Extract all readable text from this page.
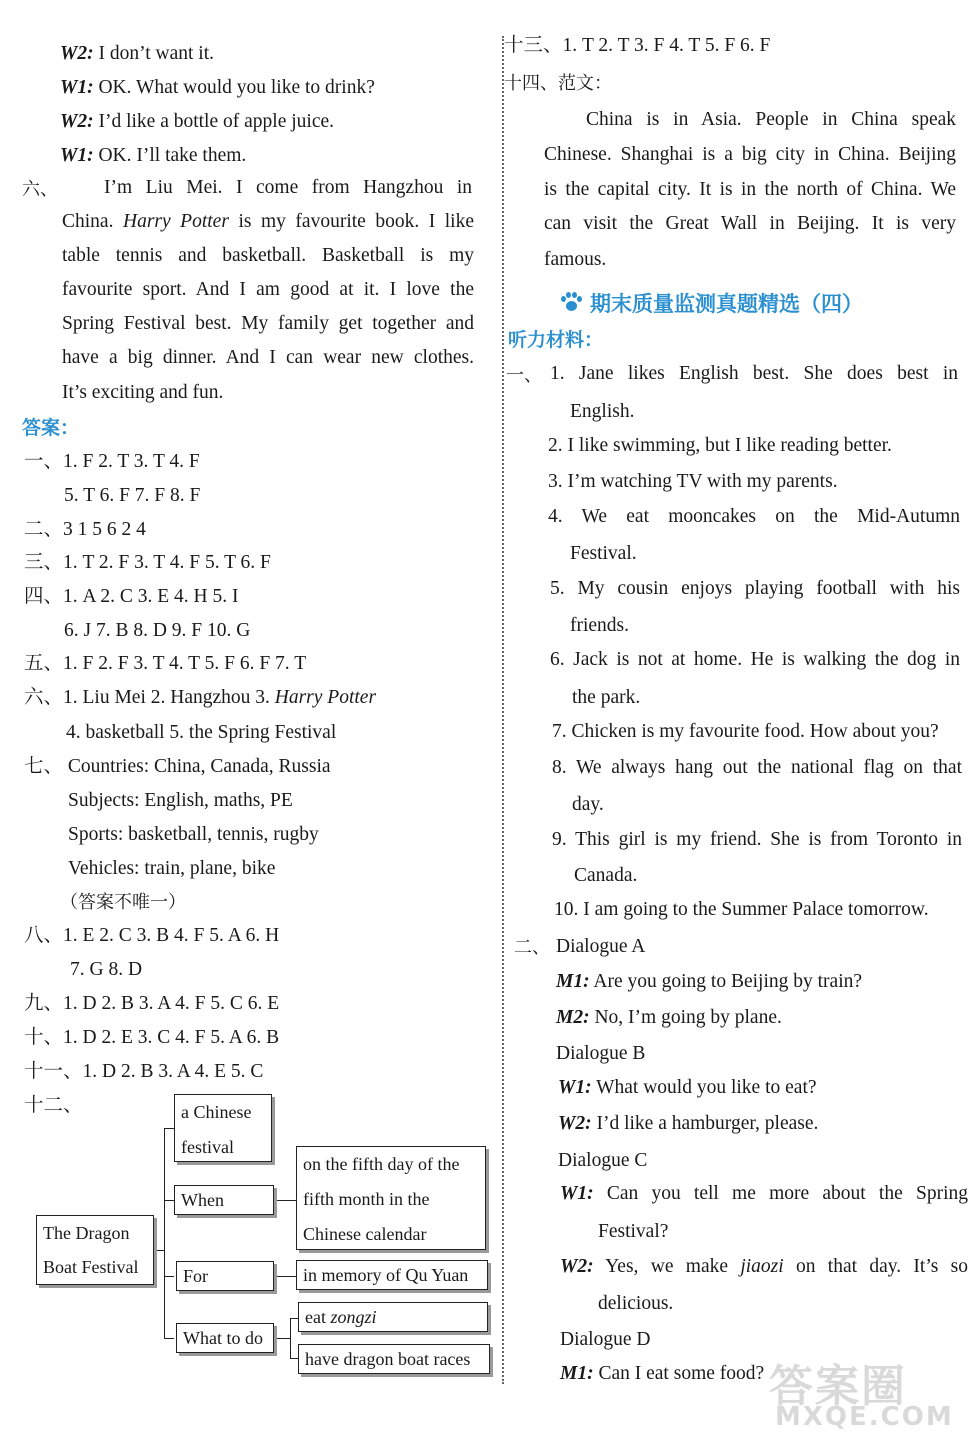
W2: I don’t want it.
W1: OK. What would you like to drink?
W2: I’d like a bottle of apple juice.
W1: OK. I’ll take them.
六、 I’m Liu Mei. I come from Hangzhou in
China. Harry Potter is my favourite book. I like
table tennis and basketball. Basketball is my
favourite sport. And I am good at it. I love the
Spring Festival best. My family get together and
have a big dinner. And I can wear new clothes.
It’s exciting and fun.
答案：
一、1. F 2. T 3. T 4. F
5. T 6. F 7. F 8. F
二、3 1 5 6 2 4
三、1. T 2. F 3. T 4. F 5. T 6. F
四、1. A 2. C 3. E 4. H 5. I
6. J 7. B 8. D 9. F 10. G
五、1. F 2. F 3. T 4. T 5. F 6. F 7. T
六、1. Liu Mei 2. Hangzhou 3. Harry Potter
4. basketball 5. the Spring Festival
七、 Countries: China, Canada, Russia
Subjects: English, maths, PE
Sports: basketball, tennis, rugby
Vehicles: train, plane, bike
（答案不唯一）
八、1. E 2. C 3. B 4. F 5. A 6. H
7. G 8. D
九、1. D 2. B 3. A 4. F 5. C 6. E
十、1. D 2. E 3. C 4. F 5. A 6. B
十一、1. D 2. B 3. A 4. E 5. C
十二、
The Dragon
Boat Festival
a Chinese
festival
When
on the fifth day of the
fifth month in the
Chinese calendar
For	in memory of Qu Yuan
What to do
eat zongzi
have dragon boat races
十三、1. T 2. T 3. F 4. T 5. F 6. F
十四、范文：
China is in Asia. People in China speak
Chinese. Shanghai is a big city in China. Beijing
is the capital city. It is in the north of China. We
can visit the Great Wall in Beijing. It is very
famous.
期末质量监测真题精选（四）
听力材料：
一、 1. Jane likes English best. She does best in
English.
2. I like swimming, but I like reading better.
3. I’m watching TV with my parents.
4. We eat mooncakes on the Mid-Autumn
Festival.
5. My cousin enjoys playing football with his
friends.
6. Jack is not at home. He is walking the dog in
the park.
7. Chicken is my favourite food. How about you?
8. We always hang out the national flag on that
day.
9. This girl is my friend. She is from Toronto in
Canada.
10. I am going to the Summer Palace tomorrow.
二、 Dialogue A
M1: Are you going to Beijing by train?
M2: No, I’m going by plane.
Dialogue B
W1: What would you like to eat?
W2: I’d like a hamburger, please.
Dialogue C
W1: Can you tell me more about the Spring
Festival?
W2: Yes, we make jiaozi on that day. It’s so
delicious.
Dialogue D
M1: Can I eat some food? 答案圈
MXQE.COM
